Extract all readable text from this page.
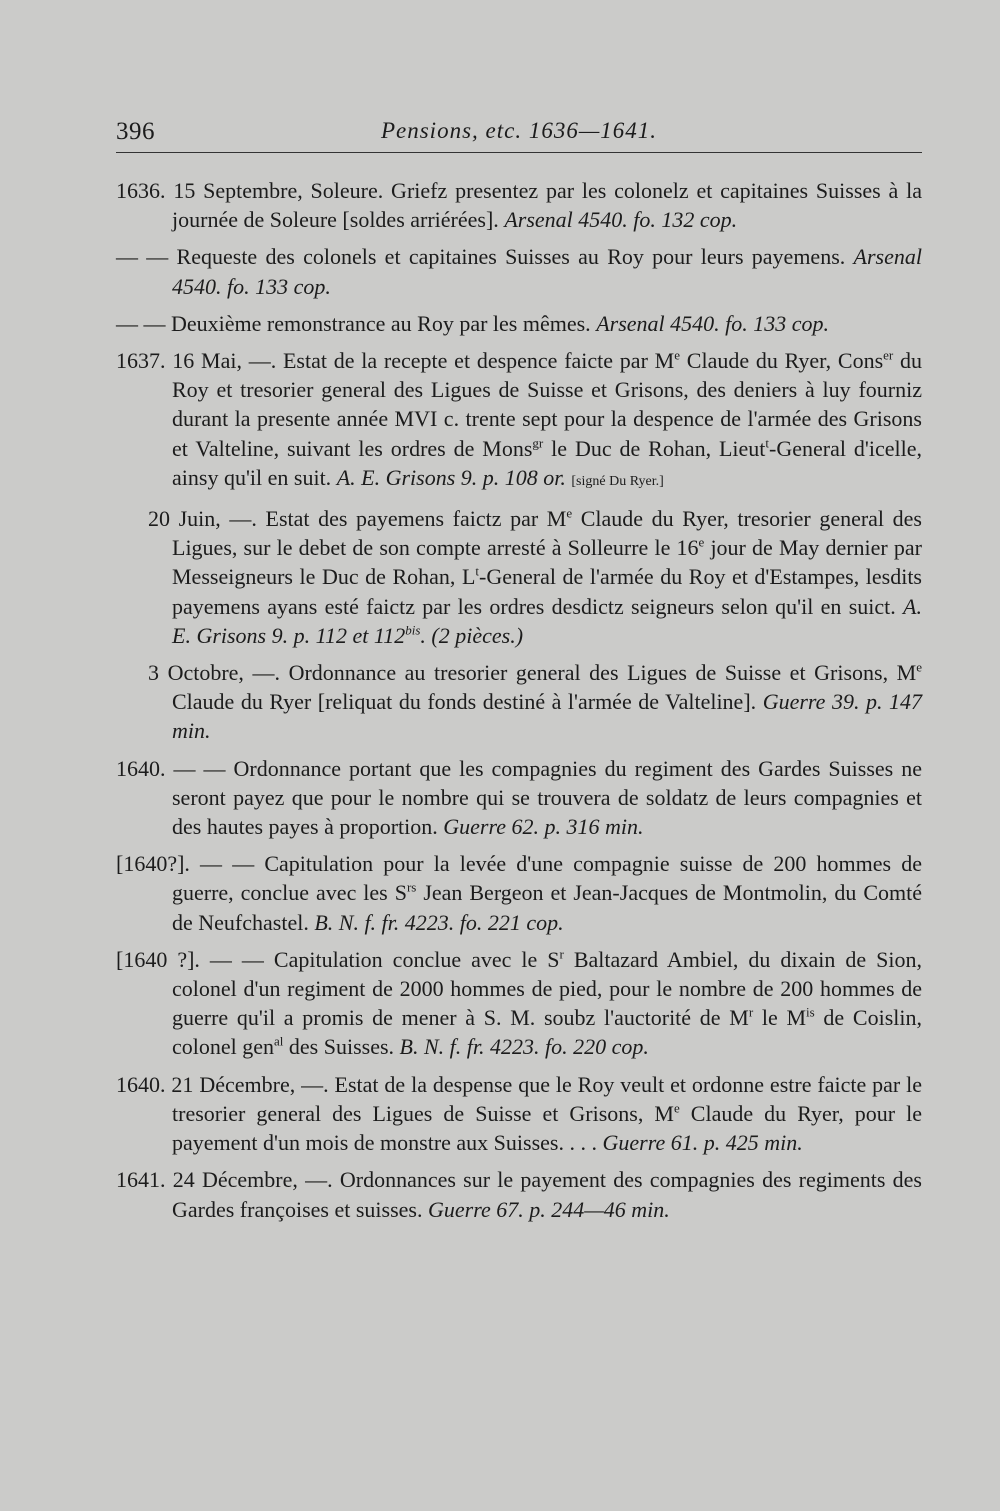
396	Pensions, etc. 1636—1641.

1636. 15 Septembre, Soleure. Griefz presentez par les colonelz et capitaines Suisses à la journée de Soleure [soldes arriérées]. Arsenal 4540. fo. 132 cop.

— — Requeste des colonels et capitaines Suisses au Roy pour leurs payemens. Arsenal 4540. fo. 133 cop.

— — Deuxième remonstrance au Roy par les mêmes. Arsenal 4540. fo. 133 cop.

1637. 16 Mai, —. Estat de la recepte et despence faicte par Me Claude du Ryer, Cons$^{er}$ du Roy et tresorier general des Ligues de Suisse et Grisons, des deniers à luy fourniz durant la presente année MVI c. trente sept pour la despence de l'armée des Grisons et Valteline, suivant les ordres de Mons$^{gr}$ le Duc de Rohan, Lieut$^t$-General d'icelle, ainsy qu'il en suit. A. E. Grisons 9. p. 108 or. [signé Du Ryer.]

20 Juin, —. Estat des payemens faictz par Me Claude du Ryer, tresorier general des Ligues, sur le debet de son compte arresté à Solleurre le 16e jour de May dernier par Messeigneurs le Duc de Rohan, $L^t$-General de l'armée du Roy et d'Estampes, lesdits payemens ayans esté faictz par les ordres desdictz seigneurs selon qu'il en suict. A. E. Grisons 9. p. 112 et $112^{bis}$. (2 pièces.)

3 Octobre, —. Ordonnance au tresorier general des Ligues de Suisse et Grisons, Me Claude du Ryer [reliquat du fonds destiné à l'armée de Valteline]. Guerre 39. p. 147 min.

1640. — — Ordonnance portant que les compagnies du regiment des Gardes Suisses ne seront payez que pour le nombre qui se trouvera de soldatz de leurs compagnies et des hautes payes à proportion. Guerre 62. p. 316 min.

[1640?]. — — Capitulation pour la levée d'une compagnie suisse de 200 hommes de guerre, conclue avec les $S^{rs}$ Jean Bergeon et Jean-Jacques de Montmolin, du Comté de Neufchastel. B. N. f. fr. 4223. fo. 221 cop.

[1640 ?]. — — Capitulation conclue avec le $S^r$ Baltazard Ambiel, du dixain de Sion, colonel d'un regiment de 2000 hommes de pied, pour le nombre de 200 hommes de guerre qu'il a promis de mener à S. M. soubz l'auctorité de $M^r$ le $M^{is}$ de Coislin, colonel gen$^{al}$ des Suisses. B. N. f. fr. 4223. fo. 220 cop.

1640. 21 Décembre, —. Estat de la despense que le Roy veult et ordonne estre faicte par le tresorier general des Ligues de Suisse et Grisons, Me Claude du Ryer, pour le payement d'un mois de monstre aux Suisses. . . . Guerre 61. p. 425 min.

1641. 24 Décembre, —. Ordonnances sur le payement des compagnies des regiments des Gardes françoises et suisses. Guerre 67. p. 244—46 min.
